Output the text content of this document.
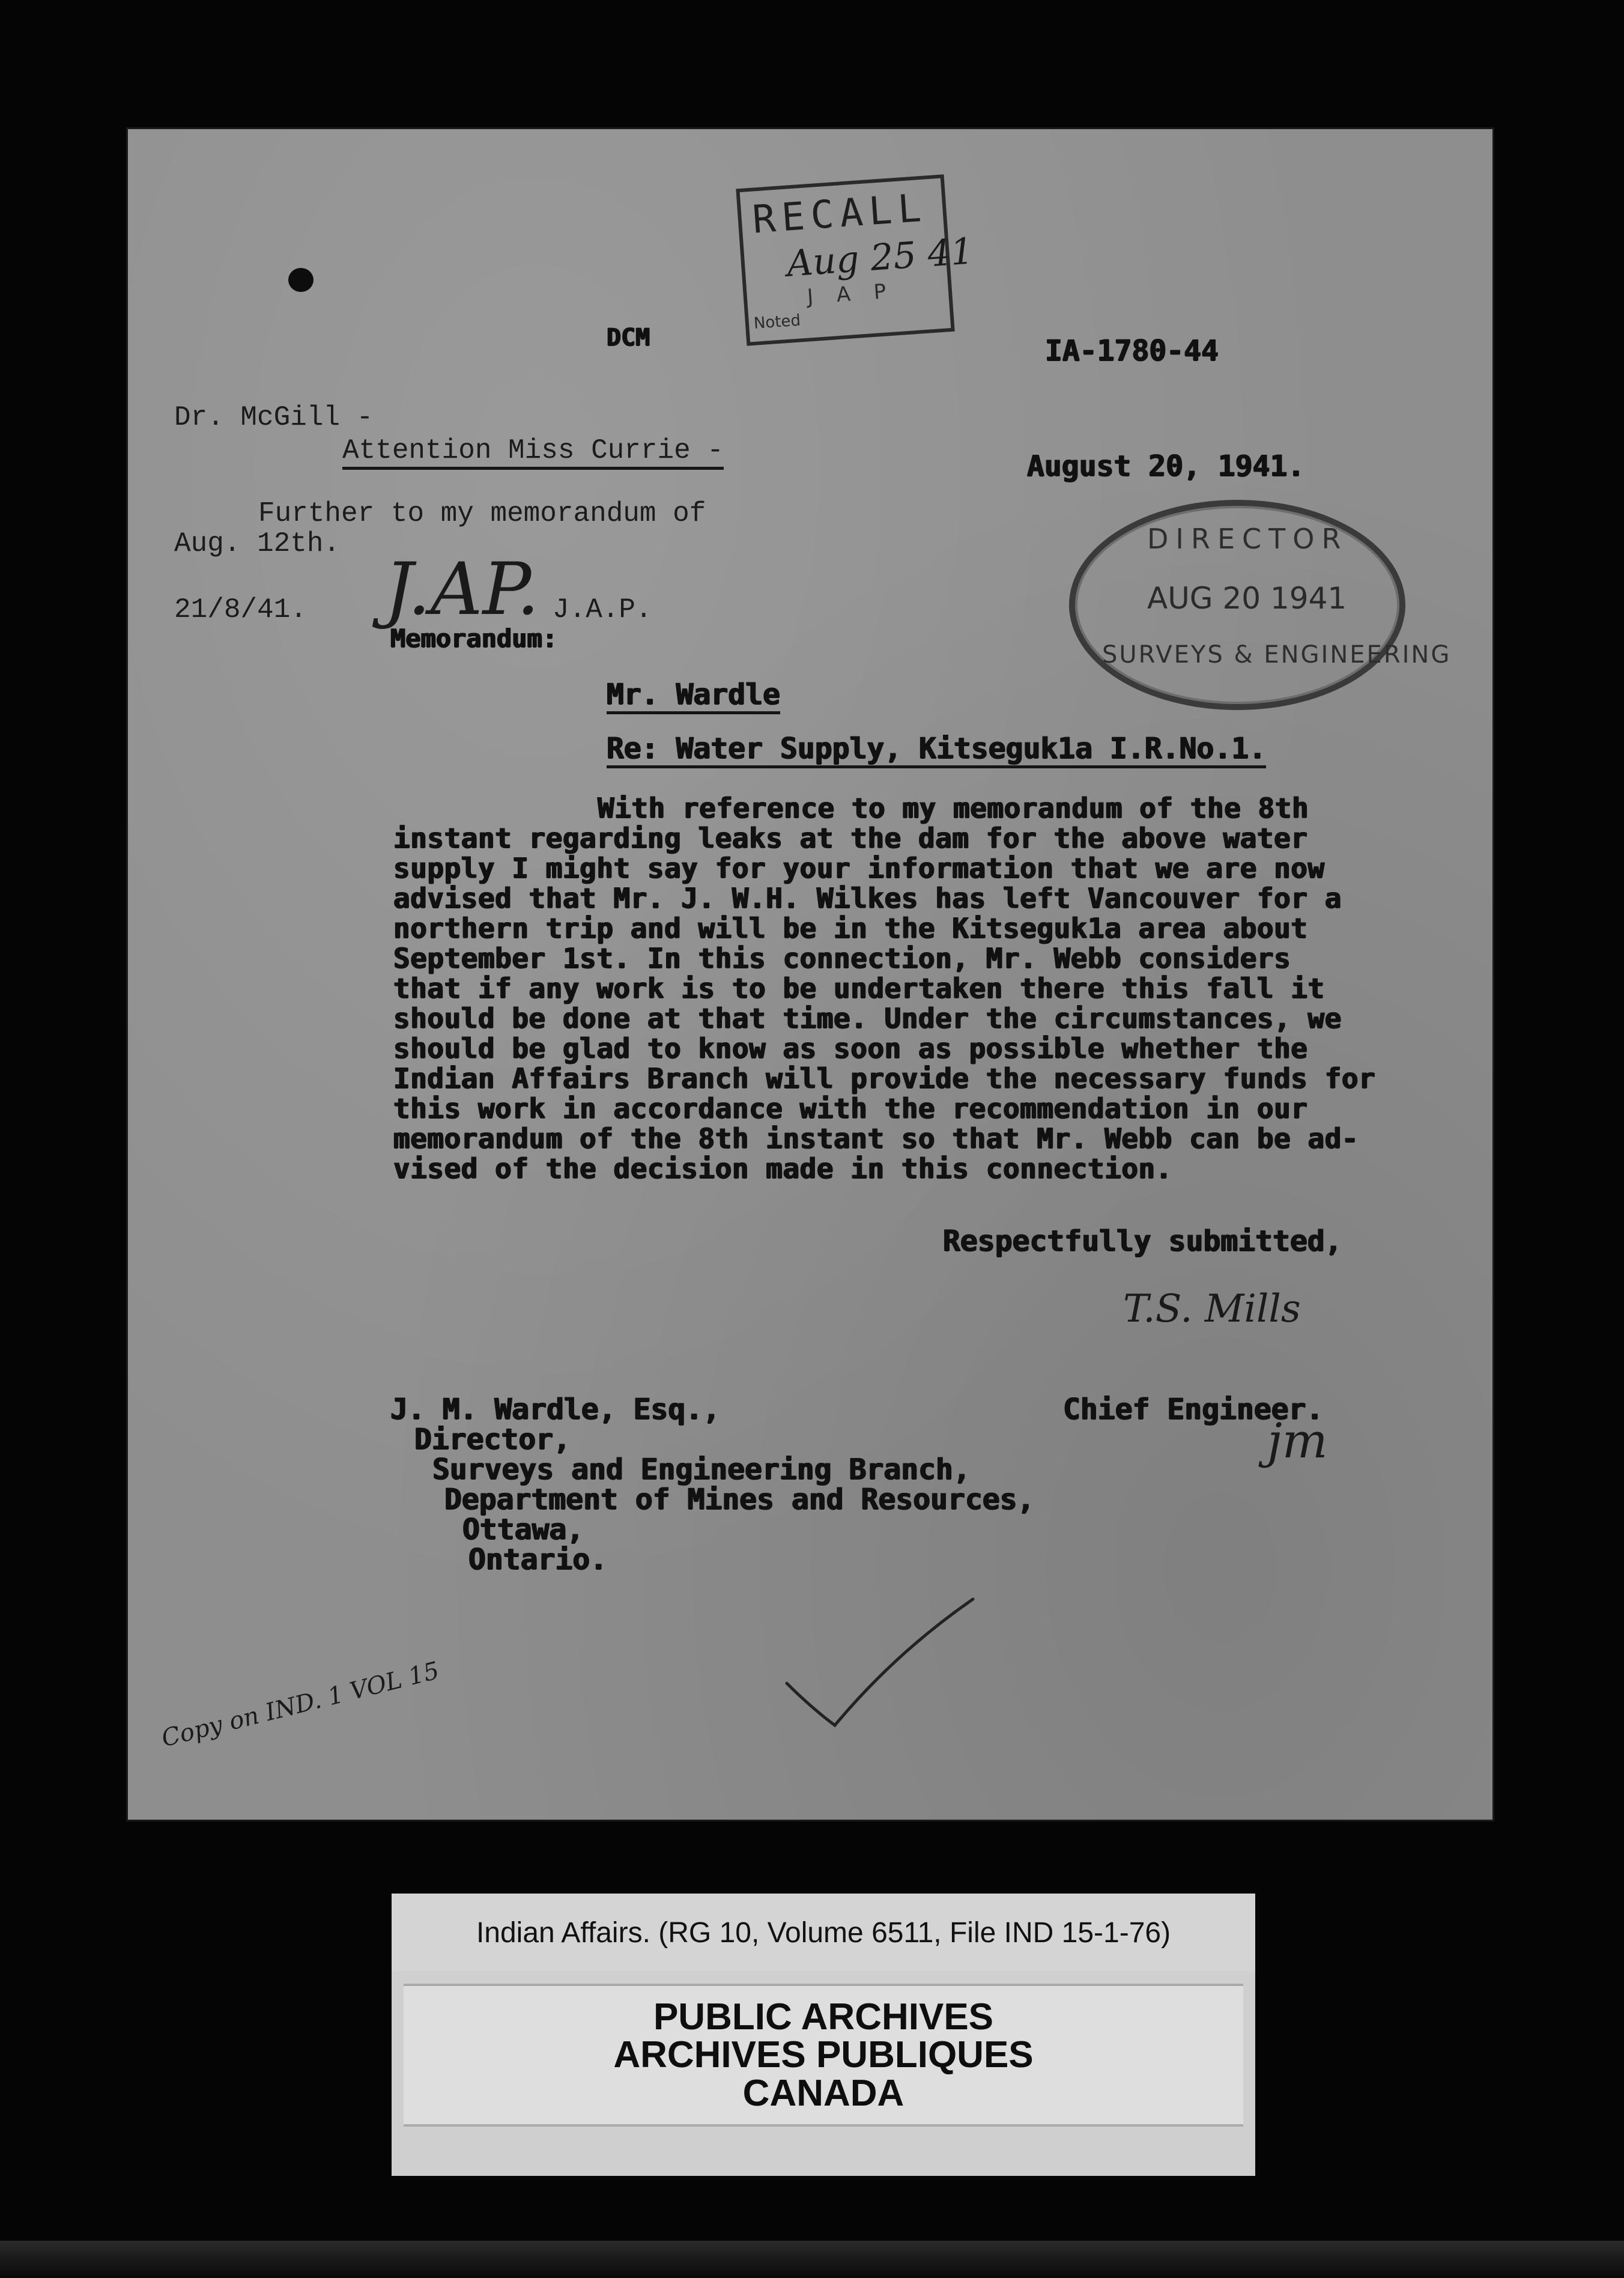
RECALL
Aug 25 41
J A P
Noted
DCM	IA-1780-44
Dr. McGill -
Attention Miss Currie -	August 20, 1941.
Further to my memorandum of
Aug. 12th.
21/8/41. J.AP. J.A.P.
Memorandum:
DIRECTOR
AUG 20 1941
SURVEYS & ENGINEERING
Mr. Wardle
Re: Water Supply, Kitseguk1a I.R.No.1.
With reference to my memorandum of the 8th
instant regarding leaks at the dam for the above water
supply I might say for your information that we are now
advised that Mr. J. W.H. Wilkes has left Vancouver for a
northern trip and will be in the Kitseguk1a area about
September 1st. In this connection, Mr. Webb considers
that if any work is to be undertaken there this fall it
should be done at that time. Under the circumstances, we
should be glad to know as soon as possible whether the
Indian Affairs Branch will provide the necessary funds for
this work in accordance with the recommendation in our
memorandum of the 8th instant so that Mr. Webb can be ad-
vised of the decision made in this connection.
Respectfully submitted,
T.S. Mills
J. M. Wardle, Esq.,
Director,
Surveys and Engineering Branch,
Department of Mines and Resources,
Ottawa,
Ontario.
Chief Engineer.
jm
Copy on IND. 1 VOL 15
Indian Affairs. (RG 10, Volume 6511, File IND 15-1-76)
PUBLIC ARCHIVES
ARCHIVES PUBLIQUES
CANADA
